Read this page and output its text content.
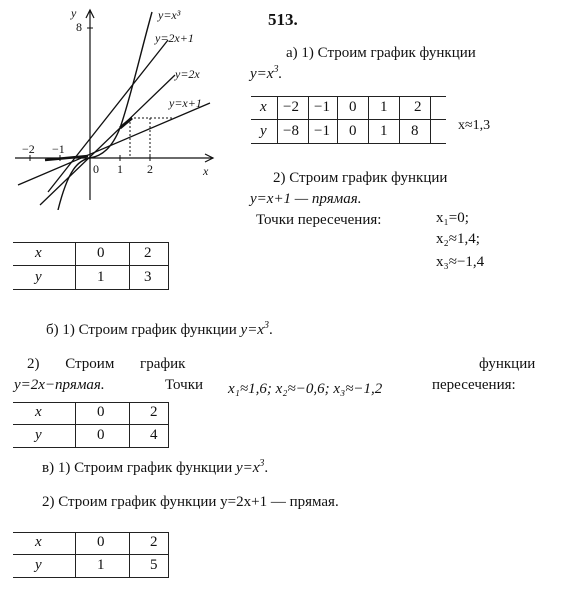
y
8
x
−2 −1
0 1 2
y=x³
y=2x+1
y=2x
y=x+1
513.
а) 1) Строим график функции
$y=x^3$.
x −2 −1 0 1 2
y −8 −1 0 1 8	x≈1,3
2) Строим график функции
y=x+1 — прямая.
Точки пересечения:	x₁=0;
x₂≈1,4;
x₃≈−1,4
x	0	2
y	1	3
б) 1) Строим график функции $y=x^3$.
2) Строим график	функции
y=2x−прямая.	Точки x₁≈1,6; x₂≈−0,6; x₃≈−1,2	пересечения:
x	0	2
y	0	4
в) 1) Строим график функции $y=x^3$.
2) Строим график функции y=2x+1 — прямая.
x	0	2
y	1	5
